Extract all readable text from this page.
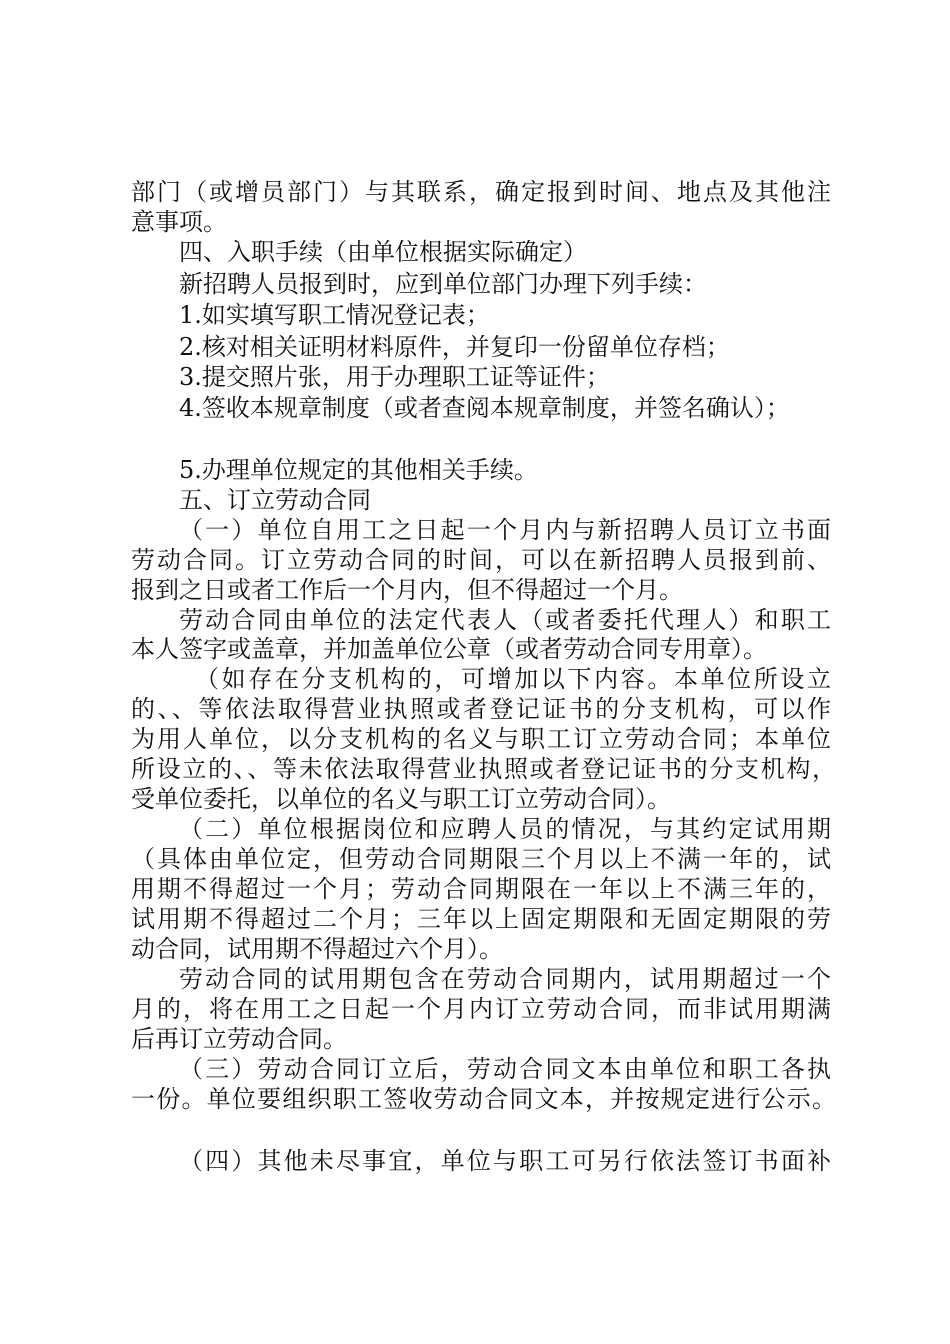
部门（或增员部门）与其联系，确定报到时间、地点及其他注
意事项。
四、入职手续（由单位根据实际确定）
新招聘人员报到时，应到单位部门办理下列手续：
1.如实填写职工情况登记表；
2.核对相关证明材料原件，并复印一份留单位存档；
3.提交照片张，用于办理职工证等证件；
4.签收本规章制度（或者查阅本规章制度，并签名确认）；
5.办理单位规定的其他相关手续。
五、订立劳动合同
（一）单位自用工之日起一个月内与新招聘人员订立书面
劳动合同。订立劳动合同的时间，可以在新招聘人员报到前、
报到之日或者工作后一个月内，但不得超过一个月。
劳动合同由单位的法定代表人（或者委托代理人）和职工
本人签字或盖章，并加盖单位公章（或者劳动合同专用章）。
（如存在分支机构的，可增加以下内容。本单位所设立
的、、等依法取得营业执照或者登记证书的分支机构，可以作
为用人单位，以分支机构的名义与职工订立劳动合同；本单位
所设立的、、等未依法取得营业执照或者登记证书的分支机构，
受单位委托，以单位的名义与职工订立劳动合同）。
（二）单位根据岗位和应聘人员的情况，与其约定试用期
（具体由单位定，但劳动合同期限三个月以上不满一年的，试
用期不得超过一个月；劳动合同期限在一年以上不满三年的，
试用期不得超过二个月；三年以上固定期限和无固定期限的劳
动合同，试用期不得超过六个月）。
劳动合同的试用期包含在劳动合同期内，试用期超过一个
月的，将在用工之日起一个月内订立劳动合同，而非试用期满
后再订立劳动合同。
（三）劳动合同订立后，劳动合同文本由单位和职工各执
一份。单位要组织职工签收劳动合同文本，并按规定进行公示。
（四）其他未尽事宜，单位与职工可另行依法签订书面补
